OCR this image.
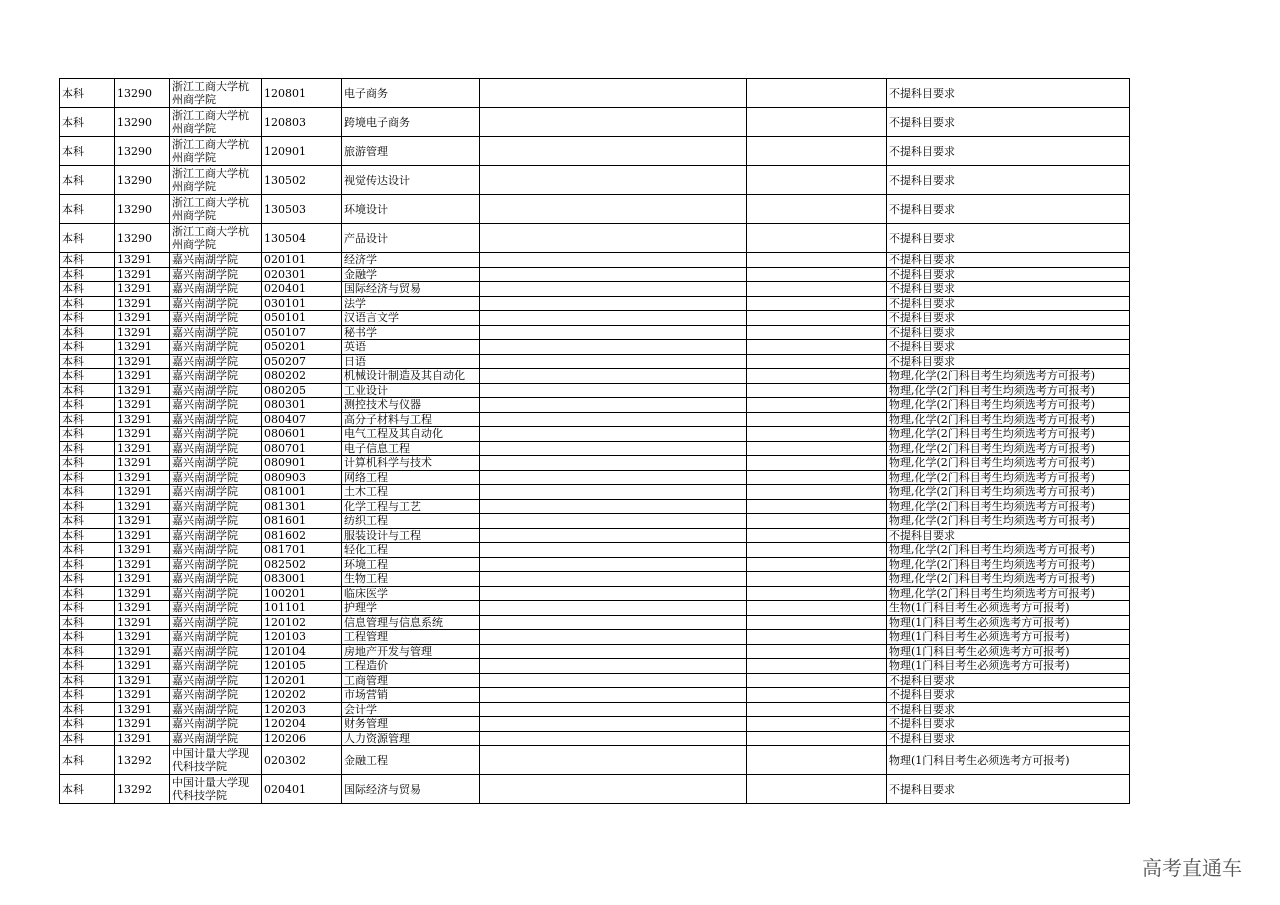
本科	13290	浙江工商大学杭州商学院	120801	电子商务			不提科目要求
本科	13290	浙江工商大学杭州商学院	120803	跨境电子商务			不提科目要求
本科	13290	浙江工商大学杭州商学院	120901	旅游管理			不提科目要求
本科	13290	浙江工商大学杭州商学院	130502	视觉传达设计			不提科目要求
本科	13290	浙江工商大学杭州商学院	130503	环境设计			不提科目要求
本科	13290	浙江工商大学杭州商学院	130504	产品设计			不提科目要求
本科	13291	嘉兴南湖学院	020101	经济学			不提科目要求
本科	13291	嘉兴南湖学院	020301	金融学			不提科目要求
本科	13291	嘉兴南湖学院	020401	国际经济与贸易			不提科目要求
本科	13291	嘉兴南湖学院	030101	法学			不提科目要求
本科	13291	嘉兴南湖学院	050101	汉语言文学			不提科目要求
本科	13291	嘉兴南湖学院	050107	秘书学			不提科目要求
本科	13291	嘉兴南湖学院	050201	英语			不提科目要求
本科	13291	嘉兴南湖学院	050207	日语			不提科目要求
本科	13291	嘉兴南湖学院	080202	机械设计制造及其自动化			物理,化学(2门科目考生均须选考方可报考)
本科	13291	嘉兴南湖学院	080205	工业设计			物理,化学(2门科目考生均须选考方可报考)
本科	13291	嘉兴南湖学院	080301	测控技术与仪器			物理,化学(2门科目考生均须选考方可报考)
本科	13291	嘉兴南湖学院	080407	高分子材料与工程			物理,化学(2门科目考生均须选考方可报考)
本科	13291	嘉兴南湖学院	080601	电气工程及其自动化			物理,化学(2门科目考生均须选考方可报考)
本科	13291	嘉兴南湖学院	080701	电子信息工程			物理,化学(2门科目考生均须选考方可报考)
本科	13291	嘉兴南湖学院	080901	计算机科学与技术			物理,化学(2门科目考生均须选考方可报考)
本科	13291	嘉兴南湖学院	080903	网络工程			物理,化学(2门科目考生均须选考方可报考)
本科	13291	嘉兴南湖学院	081001	土木工程			物理,化学(2门科目考生均须选考方可报考)
本科	13291	嘉兴南湖学院	081301	化学工程与工艺			物理,化学(2门科目考生均须选考方可报考)
本科	13291	嘉兴南湖学院	081601	纺织工程			物理,化学(2门科目考生均须选考方可报考)
本科	13291	嘉兴南湖学院	081602	服装设计与工程			不提科目要求
本科	13291	嘉兴南湖学院	081701	轻化工程			物理,化学(2门科目考生均须选考方可报考)
本科	13291	嘉兴南湖学院	082502	环境工程			物理,化学(2门科目考生均须选考方可报考)
本科	13291	嘉兴南湖学院	083001	生物工程			物理,化学(2门科目考生均须选考方可报考)
本科	13291	嘉兴南湖学院	100201	临床医学			物理,化学(2门科目考生均须选考方可报考)
本科	13291	嘉兴南湖学院	101101	护理学			生物(1门科目考生必须选考方可报考)
本科	13291	嘉兴南湖学院	120102	信息管理与信息系统			物理(1门科目考生必须选考方可报考)
本科	13291	嘉兴南湖学院	120103	工程管理			物理(1门科目考生必须选考方可报考)
本科	13291	嘉兴南湖学院	120104	房地产开发与管理			物理(1门科目考生必须选考方可报考)
本科	13291	嘉兴南湖学院	120105	工程造价			物理(1门科目考生必须选考方可报考)
本科	13291	嘉兴南湖学院	120201	工商管理			不提科目要求
本科	13291	嘉兴南湖学院	120202	市场营销			不提科目要求
本科	13291	嘉兴南湖学院	120203	会计学			不提科目要求
本科	13291	嘉兴南湖学院	120204	财务管理			不提科目要求
本科	13291	嘉兴南湖学院	120206	人力资源管理			不提科目要求
本科	13292	中国计量大学现代科技学院	020302	金融工程			物理(1门科目考生必须选考方可报考)
本科	13292	中国计量大学现代科技学院	020401	国际经济与贸易			不提科目要求
高考直通车
